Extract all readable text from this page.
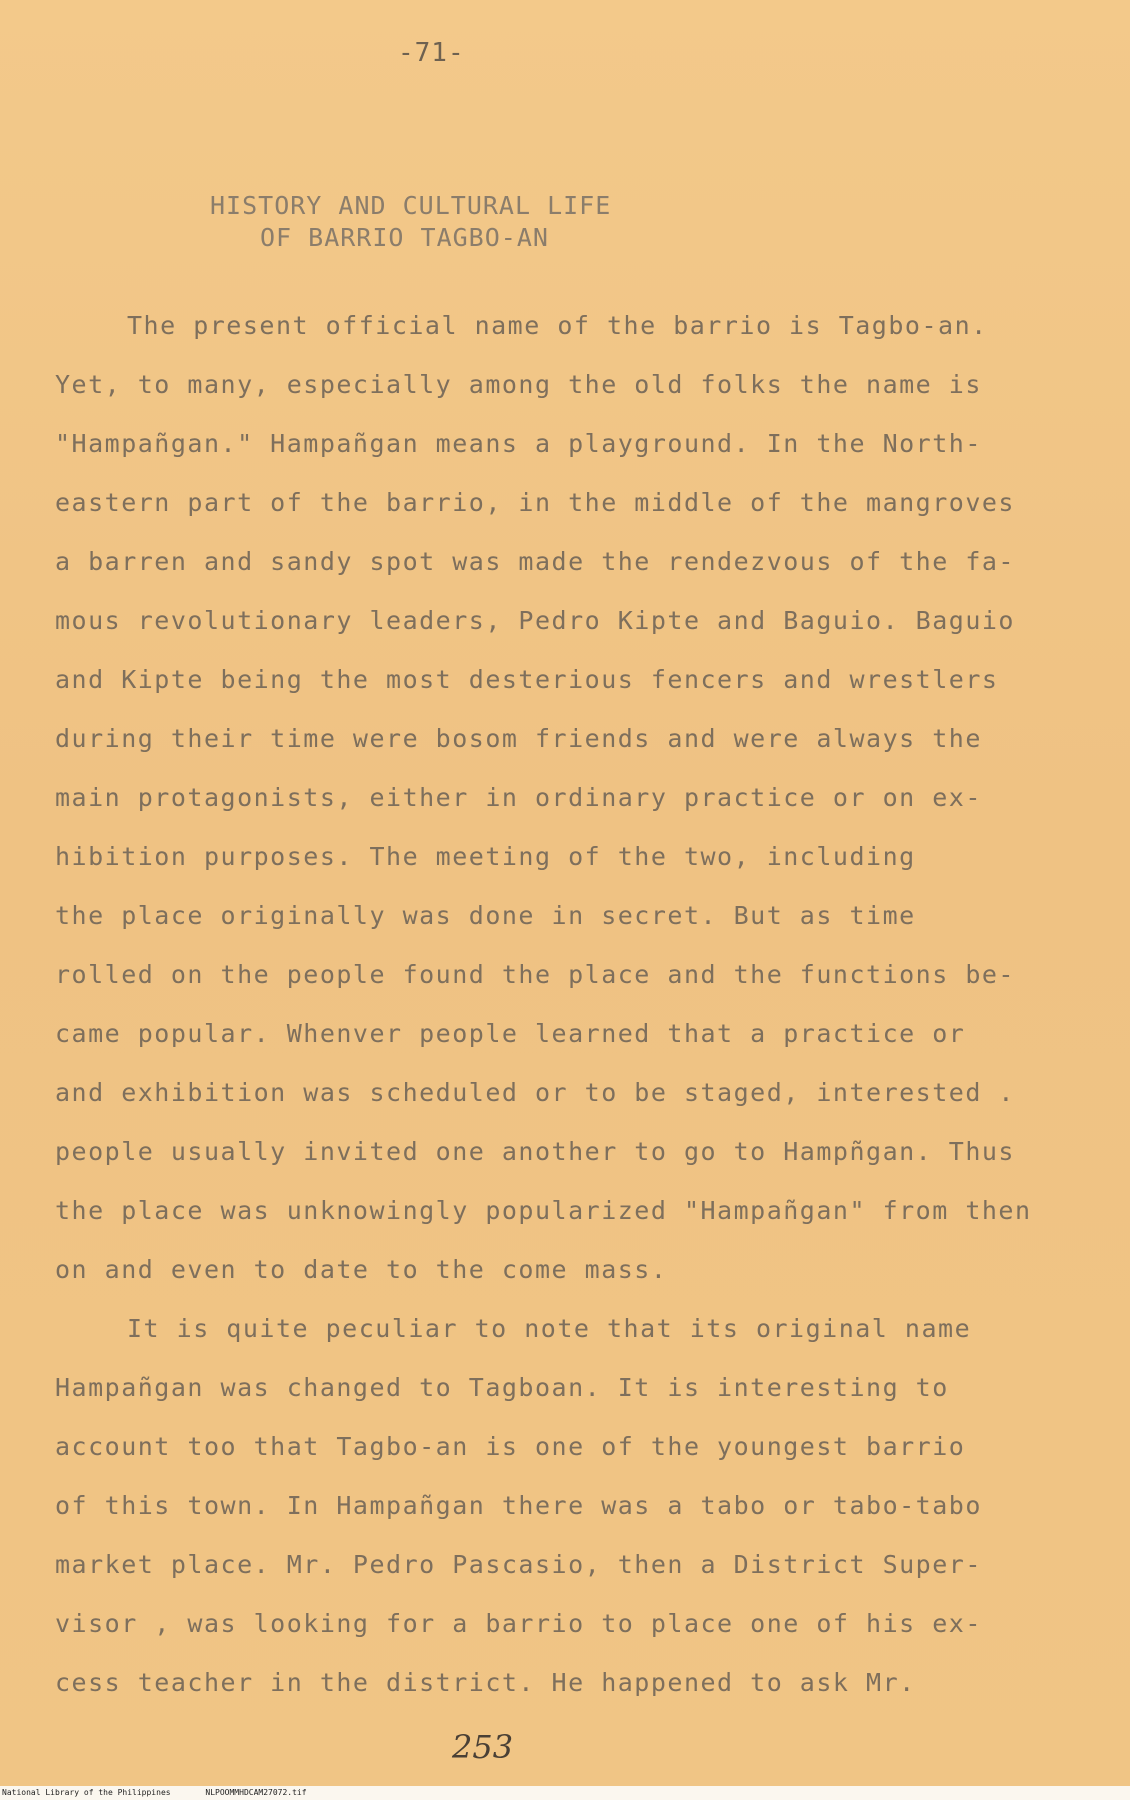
-71-
HISTORY AND CULTURAL LIFE
OF BARRIO TAGBO-AN
The present official name of the barrio is Tagbo-an.
Yet, to many, especially among the old folks the name is
"Hampañgan." Hampañgan means a playground. In the North-
eastern part of the barrio, in the middle of the mangroves
a barren and sandy spot was made the rendezvous of the fa-
mous revolutionary leaders, Pedro Kipte and Baguio. Baguio
and Kipte being the most desterious fencers and wrestlers
during their time were bosom friends and were always the
main protagonists, either in ordinary practice or on ex-
hibition purposes. The meeting of the two, including
the place originally was done in secret. But as time
rolled on the people found the place and the functions be-
came popular. Whenver people learned that a practice or
and exhibition was scheduled or to be staged, interested .
people usually invited one another to go to Hampñgan. Thus
the place was unknowingly popularized "Hampañgan" from then
on and even to date to the come mass.
It is quite peculiar to note that its original name
Hampañgan was changed to Tagboan. It is interesting to
account too that Tagbo-an is one of the youngest barrio
of this town. In Hampañgan there was a tabo or tabo-tabo
market place. Mr. Pedro Pascasio, then a District Super-
visor , was looking for a barrio to place one of his ex-
cess teacher in the district. He happened to ask Mr.
253
National Library of the Philippines	NLPOOMMHDCAM27072.tif
